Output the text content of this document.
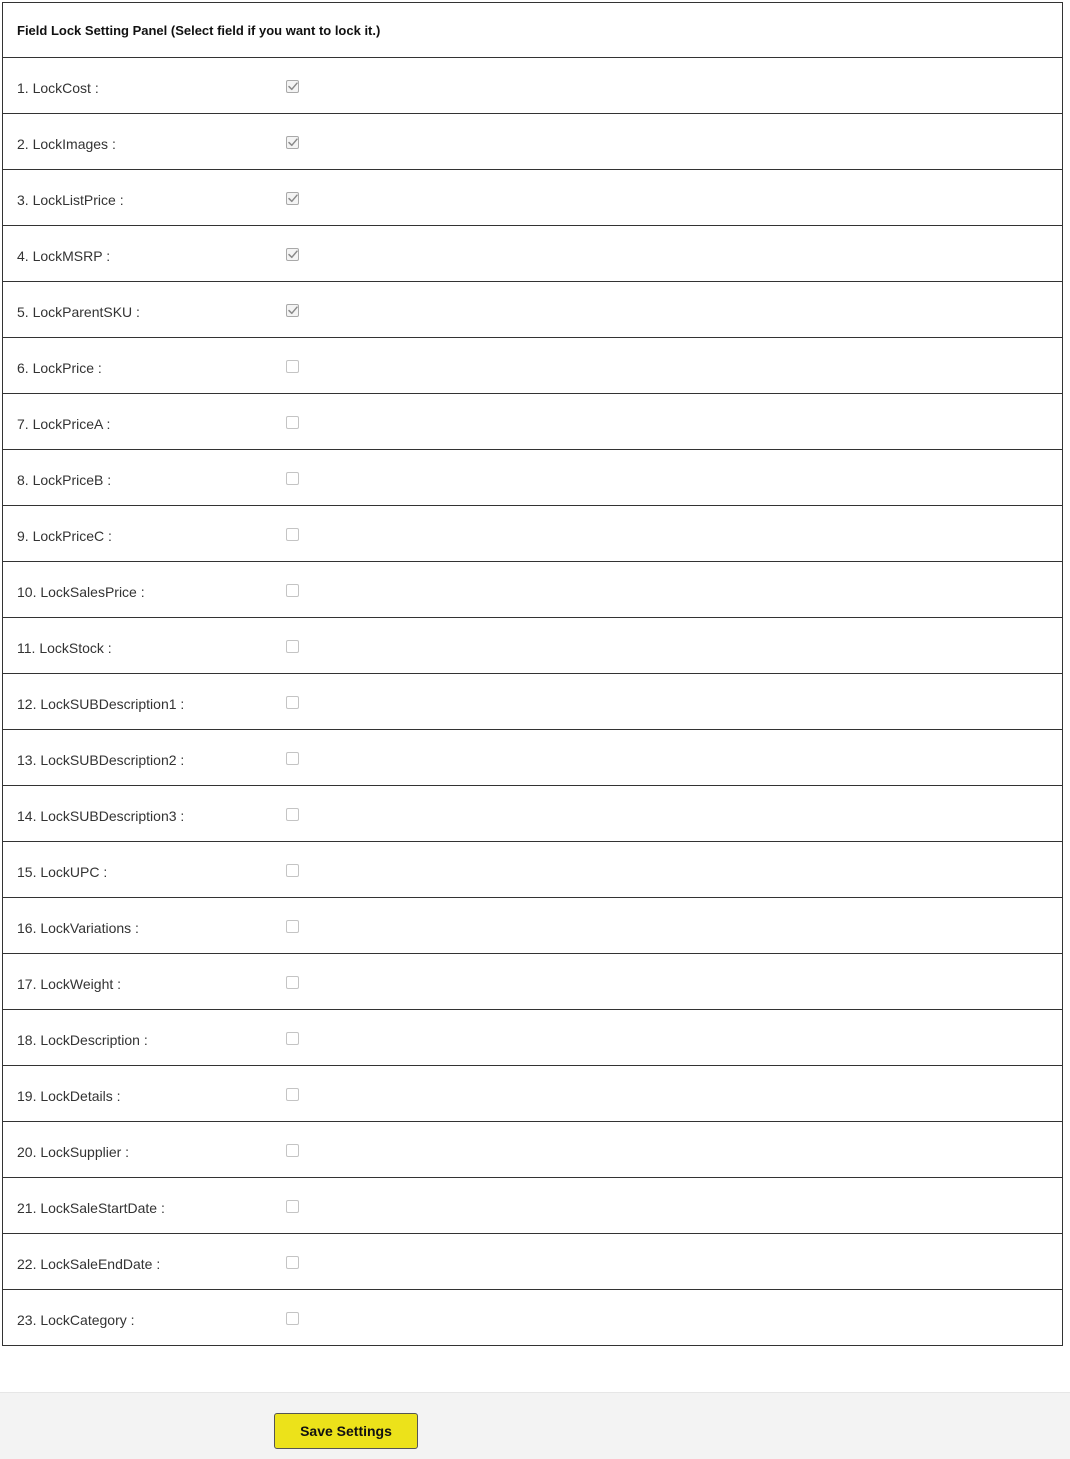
Field Lock Setting Panel (Select field if you want to lock it.)
1. LockCost :
2. LockImages :
3. LockListPrice :
4. LockMSRP :
5. LockParentSKU :
6. LockPrice :
7. LockPriceA :
8. LockPriceB :
9. LockPriceC :
10. LockSalesPrice :
11. LockStock :
12. LockSUBDescription1 :
13. LockSUBDescription2 :
14. LockSUBDescription3 :
15. LockUPC :
16. LockVariations :
17. LockWeight :
18. LockDescription :
19. LockDetails :
20. LockSupplier :
21. LockSaleStartDate :
22. LockSaleEndDate :
23. LockCategory :
Save Settings
